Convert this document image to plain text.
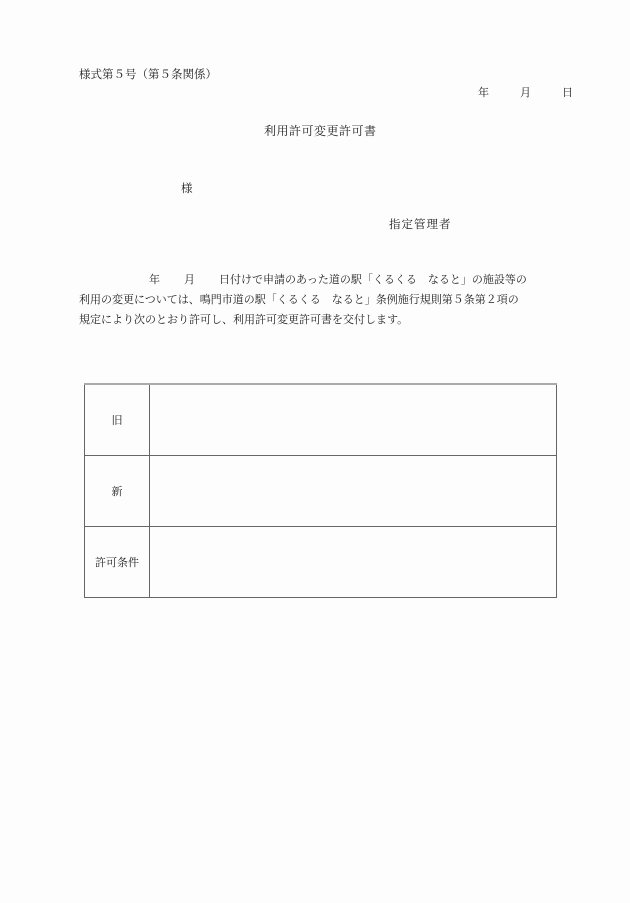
様式第５号（第５条関係）
年	月	日
利用許可変更許可書
様
指定管理者
年 月 日付けで申請のあった道の駅「くるくる　なると」の施設等の
利用の変更については、鳴門市道の駅「くるくる　なると」条例施行規則第５条第２項の
規定により次のとおり許可し、利用許可変更許可書を交付します。
旧	
新	
許可条件	
